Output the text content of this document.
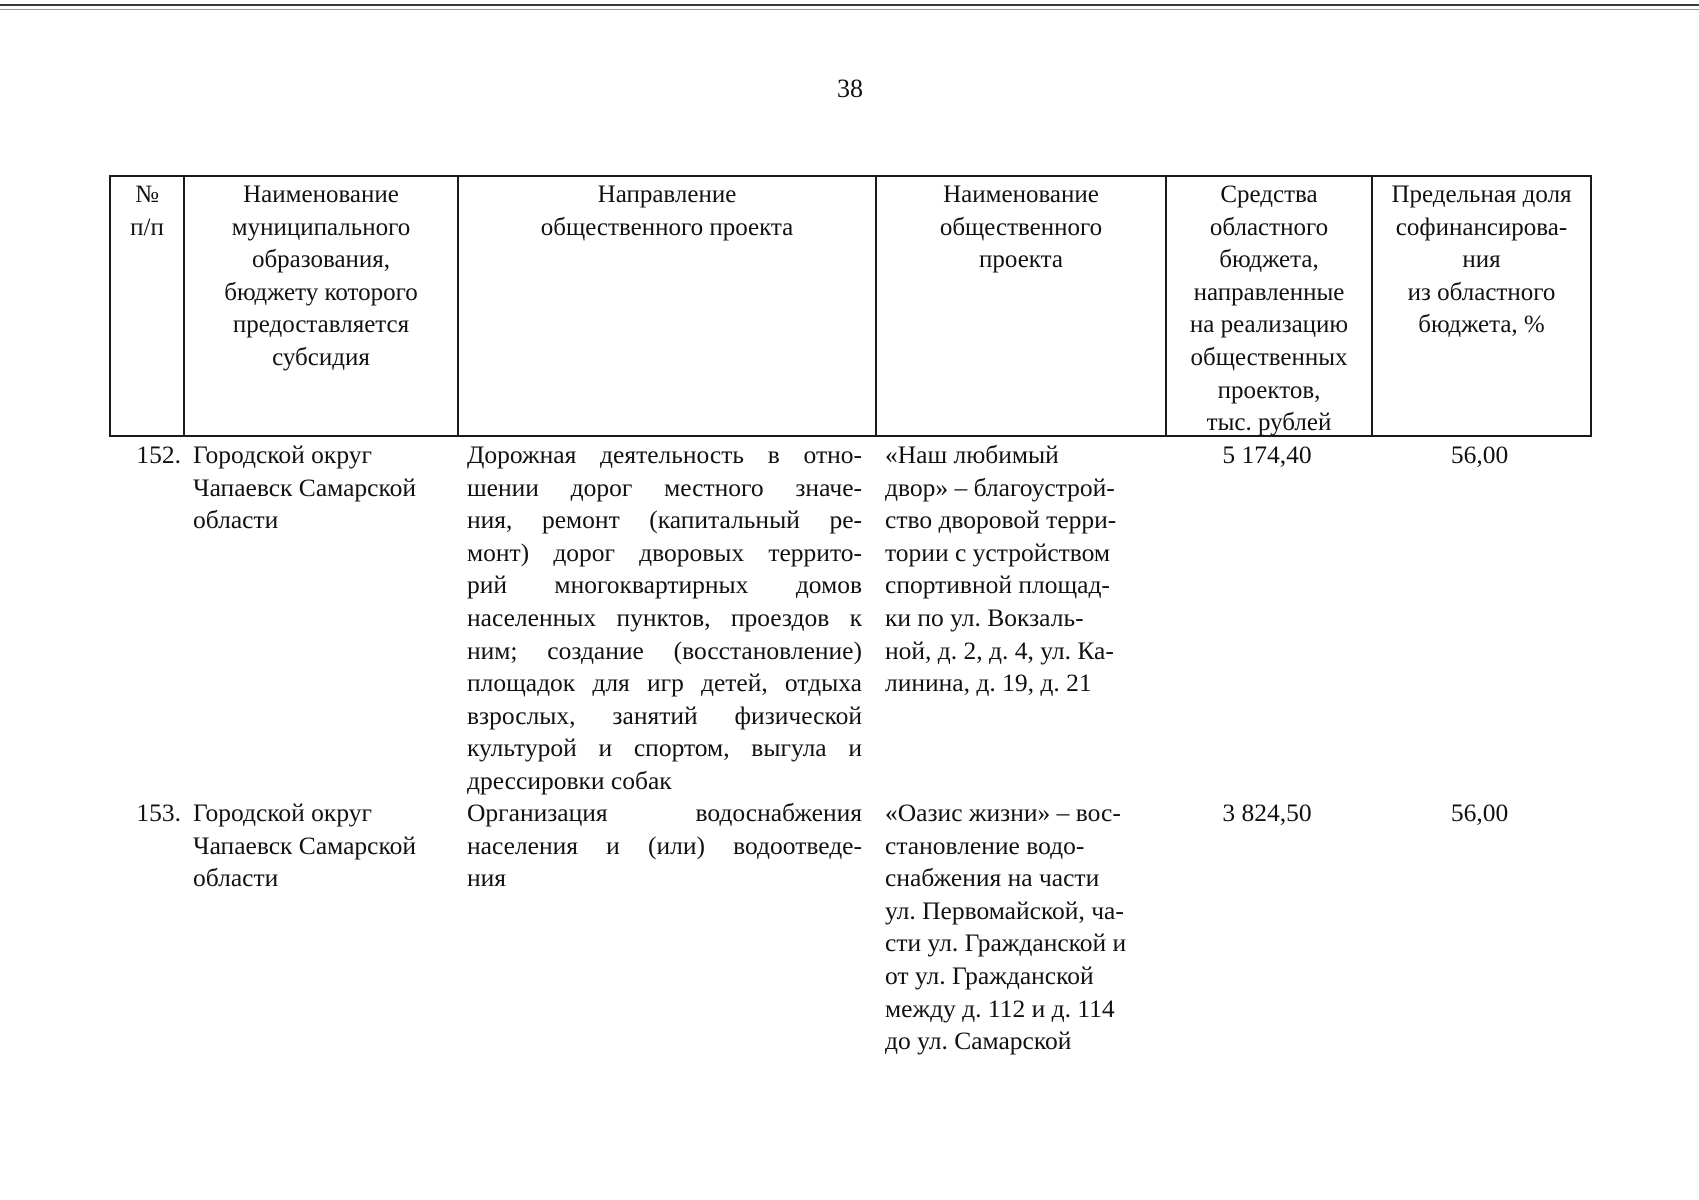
38
№
п/п
Наименование
муниципального
образования,
бюджету которого
предоставляется
субсидия
Направление
общественного проекта
Наименование
общественного
проекта
Средства
областного
бюджета,
направленные
на реализацию
общественных
проектов,
тыс. рублей
Предельная доля
софинансирова-
ния
из областного
бюджета, %
152. Городской округ
Чапаевск Самарской
области
Дорожная деятельность в отно-
шении дорог местного значе-
ния, ремонт (капитальный ре-
монт) дорог дворовых террито-
рий многоквартирных домов
населенных пунктов, проездов к
ним; создание (восстановление)
площадок для игр детей, отдыха
взрослых, занятий физической
культурой и спортом, выгула и
дрессировки собак
«Наш любимый
двор» – благоустрой-
ство дворовой терри-
тории с устройством
спортивной площад-
ки по ул. Вокзаль-
ной, д. 2, д. 4, ул. Ка-
линина, д. 19, д. 21
5 174,40	56,00
153. Городской округ
Чапаевск Самарской
области
Организация водоснабжения
населения и (или) водоотведе-
ния
«Оазис жизни» – вос-
становление водо-
снабжения на части
ул. Первомайской, ча-
сти ул. Гражданской и
от ул. Гражданской
между д. 112 и д. 114
до ул. Самарской
3 824,50	56,00
